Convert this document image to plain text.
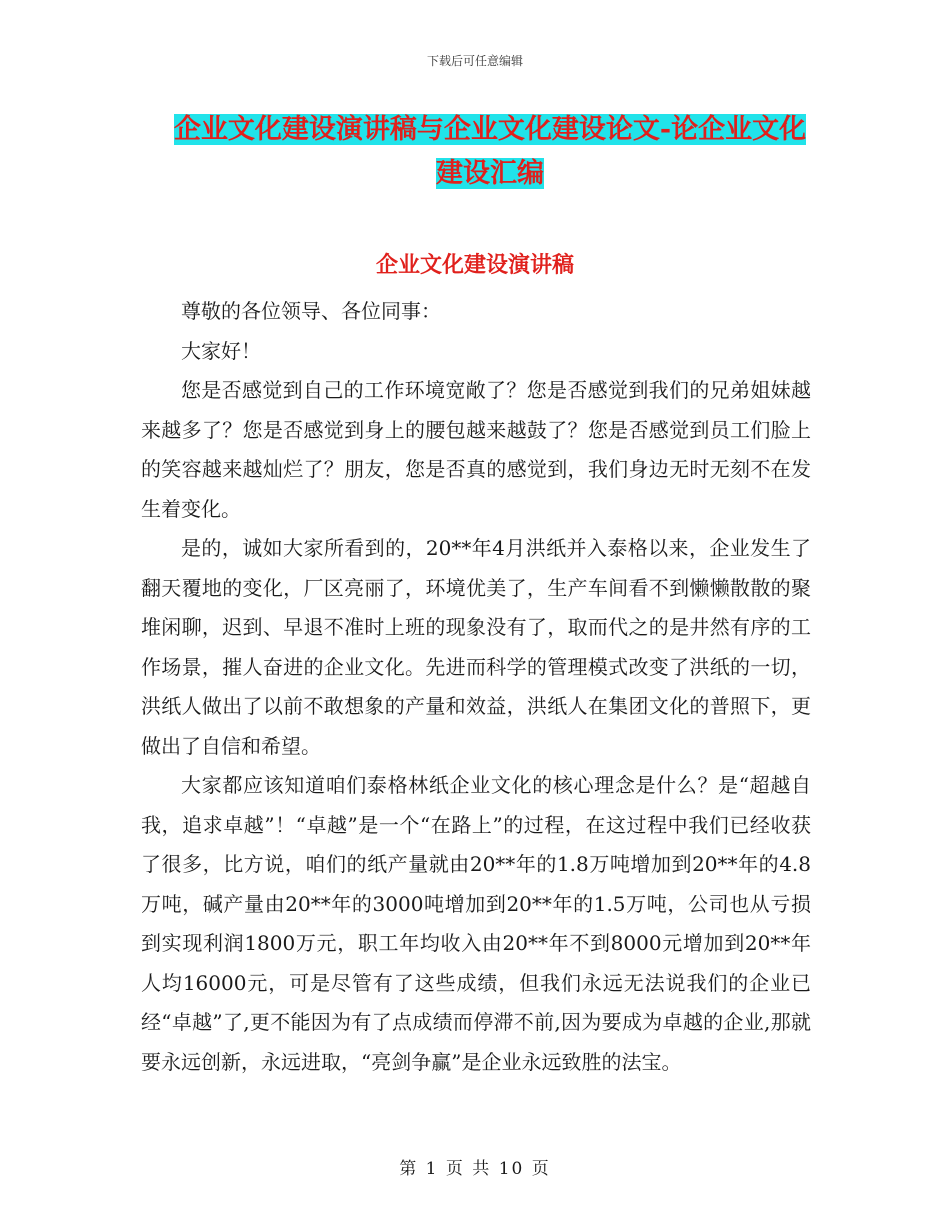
下载后可任意编辑
企业文化建设演讲稿与企业文化建设论文-论企业文化
建设汇编
企业文化建设演讲稿

尊敬的各位领导、各位同事：

大家好！

您是否感觉到自己的工作环境宽敞了？您是否感觉到我们的兄弟姐妹越来越多了？您是否感觉到身上的腰包越来越鼓了？您是否感觉到员工们脸上的笑容越来越灿烂了？朋友，您是否真的感觉到，我们身边无时无刻不在发生着变化。

是的，诚如大家所看到的，20**年4月洪纸并入泰格以来，企业发生了翻天覆地的变化，厂区亮丽了，环境优美了，生产车间看不到懒懒散散的聚堆闲聊，迟到、早退不准时上班的现象没有了，取而代之的是井然有序的工作场景，摧人奋进的企业文化。先进而科学的管理模式改变了洪纸的一切，洪纸人做出了以前不敢想象的产量和效益，洪纸人在集团文化的普照下，更做出了自信和希望。

大家都应该知道咱们泰格林纸企业文化的核心理念是什么？是“超越自我，追求卓越”！“卓越”是一个“在路上”的过程，在这过程中我们已经收获了很多，比方说，咱们的纸产量就由20**年的1.8万吨增加到20**年的4.8万吨，碱产量由20**年的3000吨增加到20**年的1.5万吨，公司也从亏损到实现利润1800万元，职工年均收入由20**年不到8000元增加到20**年人均16000元，可是尽管有了这些成绩，但我们永远无法说我们的企业已经“卓越”了,更不能因为有了点成绩而停滞不前,因为要成为卓越的企业,那就要永远创新，永远进取，“亮剑争赢”是企业永远致胜的法宝。

第 1 页 共 10 页
